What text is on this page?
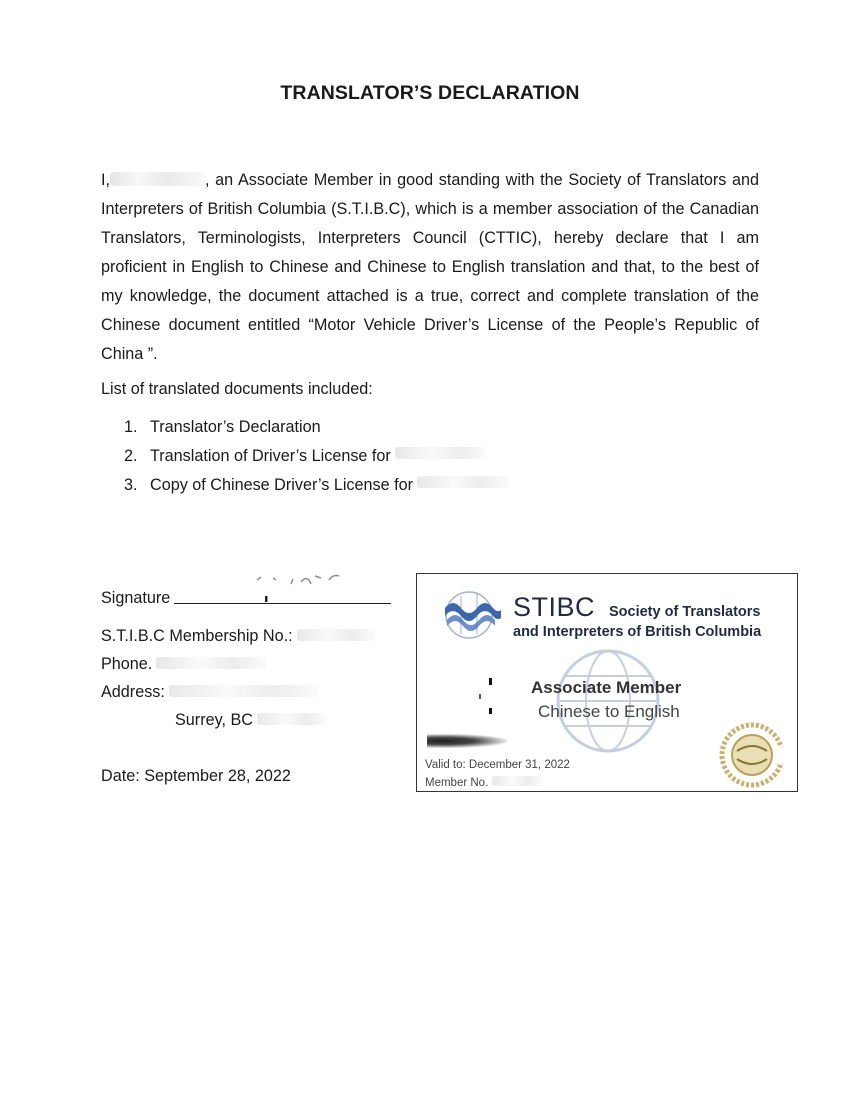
TRANSLATOR’S DECLARATION

I,	, an Associate Member in good standing with the Society of Translators and Interpreters of British Columbia (S.T.I.B.C), which is a member association of the Canadian Translators, Terminologists, Interpreters Council (CTTIC), hereby declare that I am proficient in English to Chinese and Chinese to English translation and that, to the best of my knowledge, the document attached is a true, correct and complete translation of the Chinese document entitled “Motor Vehicle Driver’s License of the People’s Republic of China ”.

List of translated documents included:

1. Translator’s Declaration
2. Translation of Driver’s License for
3. Copy of Chinese Driver’s License for

Signature

S.T.I.B.C Membership No.:

Phone.

Address:

Surrey, BC

Date: September 28, 2022

STIBC Society of Translators
and Interpreters of British Columbia
Associate Member
Chinese to English
Valid to: December 31, 2022
Member No.
